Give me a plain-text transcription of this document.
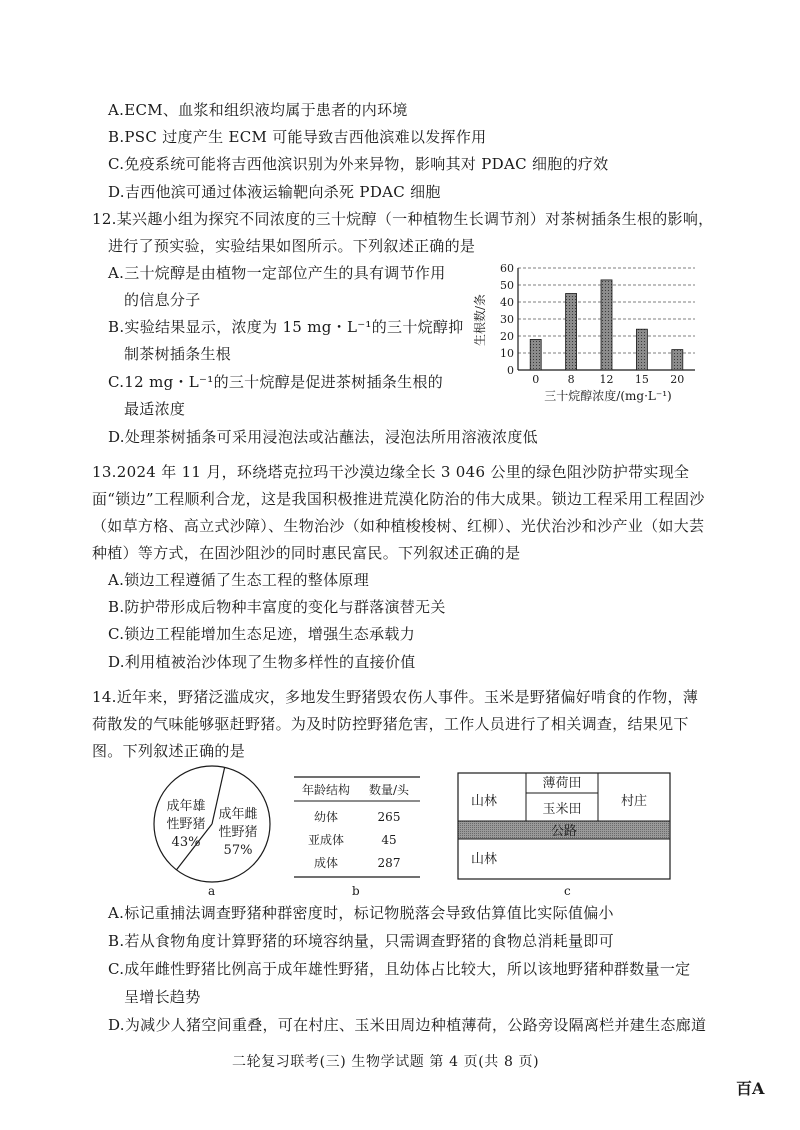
A.ECM、血浆和组织液均属于患者的内环境
B.PSC 过度产生 ECM 可能导致吉西他滨难以发挥作用
C.免疫系统可能将吉西他滨识别为外来异物，影响其对 PDAC 细胞的疗效
D.吉西他滨可通过体液运输靶向杀死 PDAC 细胞
12.某兴趣小组为探究不同浓度的三十烷醇（一种植物生长调节剂）对茶树插条生根的影响，
进行了预实验，实验结果如图所示。下列叙述正确的是
A.三十烷醇是由植物一定部位产生的具有调节作用
的信息分子
B.实验结果显示，浓度为 15 mg・L⁻¹的三十烷醇抑
制茶树插条生根
C.12 mg・L⁻¹的三十烷醇是促进茶树插条生根的
最适浓度
D.处理茶树插条可采用浸泡法或沾蘸法，浸泡法所用溶液浓度低
0
10
20
30
40
50
60
0	8 12 15 20
生根数/条
三十烷醇浓度/(mg·L⁻¹)
13.2024 年 11 月，环绕塔克拉玛干沙漠边缘全长 3 046 公里的绿色阻沙防护带实现全面“锁边”工程顺利合龙，这是我国积极推进荒漠化防治的伟大成果。锁边工程采用工程固沙（如草方格、高立式沙障）、生物治沙（如种植梭梭树、红柳）、光伏治沙和沙产业（如大芸种植）等方式，在固沙阻沙的同时惠民富民。下列叙述正确的是
A.锁边工程遵循了生态工程的整体原理
B.防护带形成后物种丰富度的变化与群落演替无关
C.锁边工程能增加生态足迹，增强生态承载力
D.利用植被治沙体现了生物多样性的直接价值
14.近年来，野猪泛滥成灾，多地发生野猪毁农伤人事件。玉米是野猪偏好啃食的作物，薄荷散发的气味能够驱赶野猪。为及时防控野猪危害，工作人员进行了相关调查，结果见下图。下列叙述正确的是
成年雄
性野猪
43%
成年雌
性野猪
57%
a
年龄结构 数量/头
幼体	265
亚成体	45
成体	287
b
山林
薄荷田
玉米田
村庄
公路
山林
c
A.标记重捕法调查野猪种群密度时，标记物脱落会导致估算值比实际值偏小
B.若从食物角度计算野猪的环境容纳量，只需调查野猪的食物总消耗量即可
C.成年雌性野猪比例高于成年雄性野猪，且幼体占比较大，所以该地野猪种群数量一定
呈增长趋势
D.为减少人猪空间重叠，可在村庄、玉米田周边种植薄荷，公路旁设隔离栏并建生态廊道
二轮复习联考(三) 生物学试题 第 4 页(共 8 页)
百A
